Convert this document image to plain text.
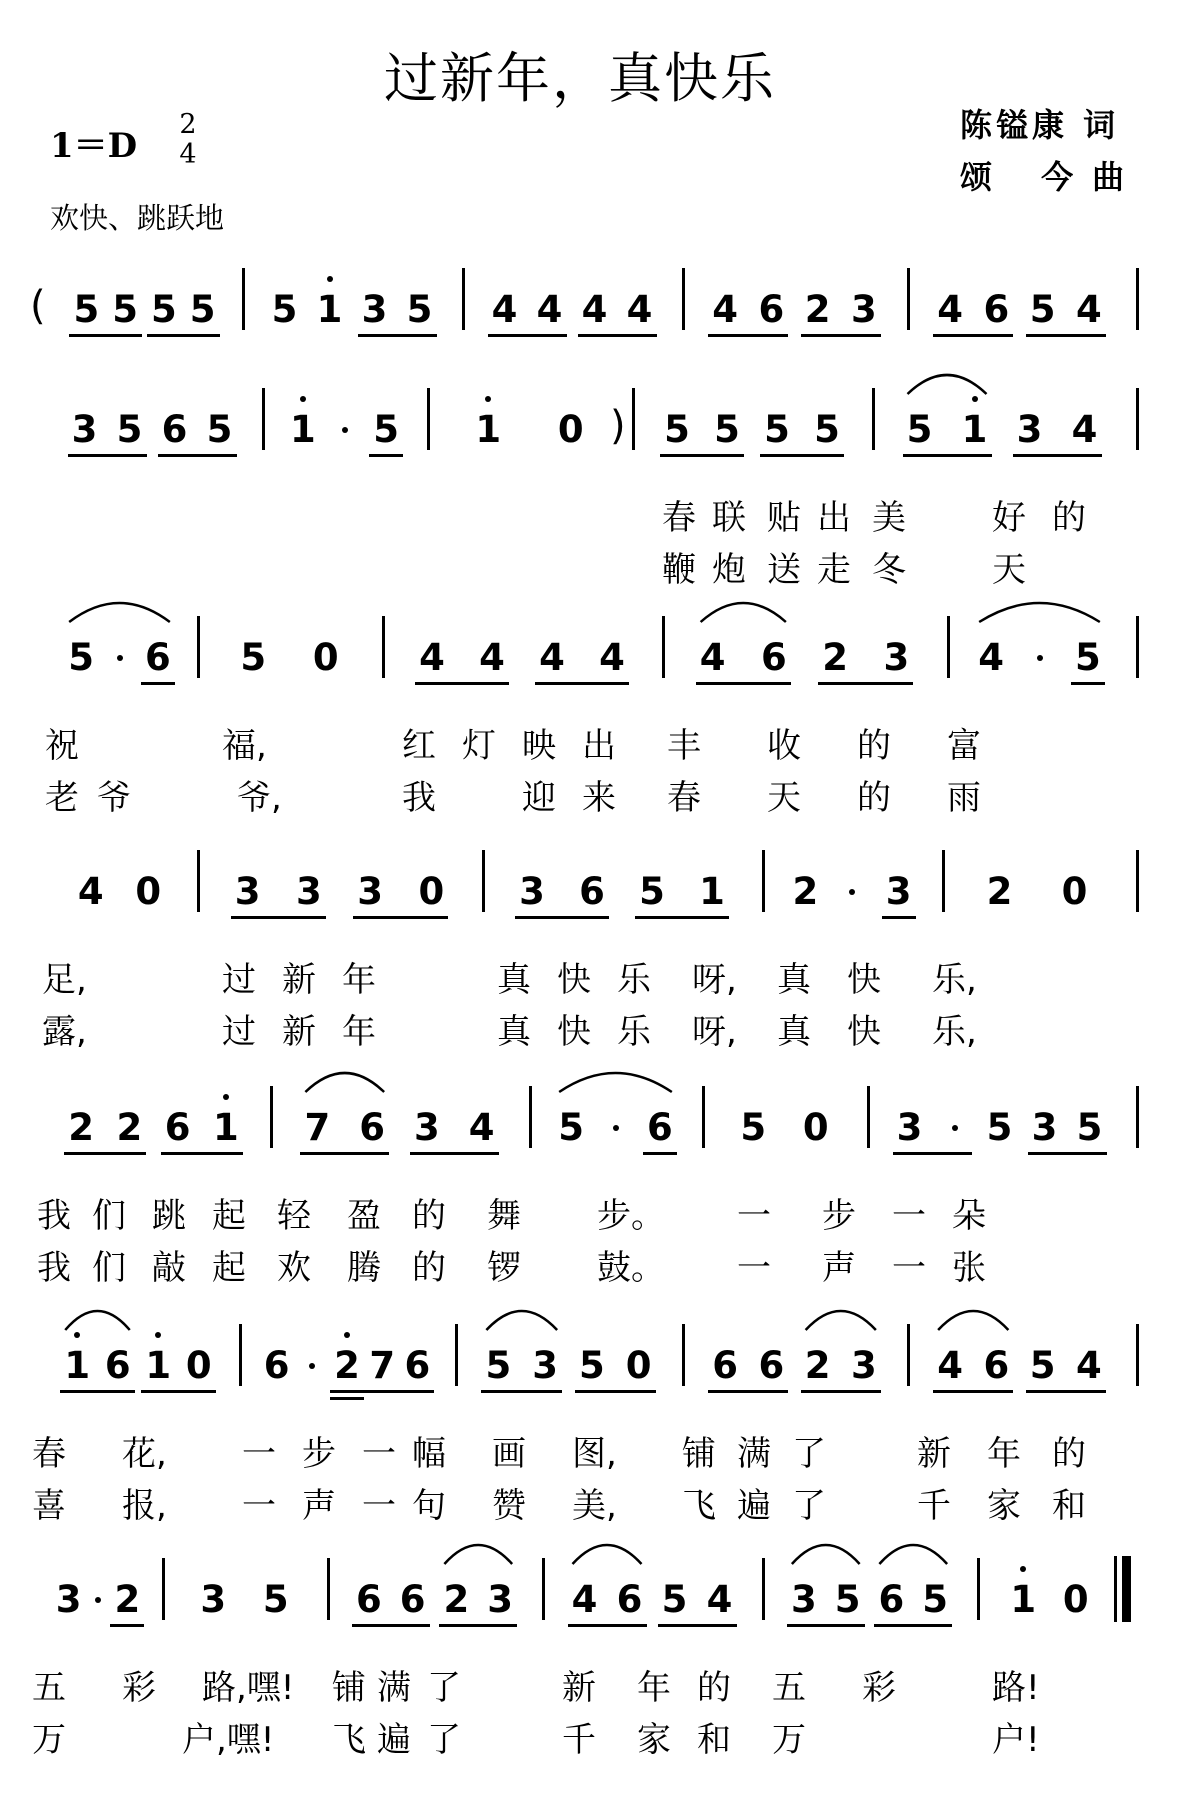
过新年，真快乐
1＝D
2
4
欢快、跳跃地
陈镒康 词
颂 今曲
( 5 5 5 5 5 1 3 5 4 4 4 4 4 6 2 3 4 6 5 4
3 5 6 5 1 5 1 0 5 5 5 5 5 1 3 4
)
春 联 贴 出 美	好 的
鞭 炮 送 走 冬	天
5 6 5 0 4 4 4 4 4 6 2 3 4 5
祝	福,	红 灯 映 出	丰	收	的	富
老 爷	爷,	我	迎 来	春	天	的	雨
4 0 3 3 3 0 3 6 5 1 2 3 2 0
足,	过 新 年	真 快 乐	呀,	真	快	乐,
露,	过 新 年	真 快 乐	呀,	真	快	乐,
2 2 6 1 7 6 3 4 5 6 5 0 3 5 3 5
我 们 跳 起 轻	盈 的	舞	步。 一	步	一 朵
我 们 敲 起 欢	腾 的	锣	鼓。 一	声	一 张
1 6 1 0 6 2 7 6 5 3 5 0 6 6 2 3 4 6 5 4
春	花,	一 步 一 幅	画	图,	铺 满 了	新	年 的
喜	报,	一 声 一 句	赞	美,	飞 遍 了	千	家 和
3 2 3 5 6 6 2 3 4 6 5 4 3 5 6 5 1 0
五	彩	路,嘿!	铺 满 了	新	年 的	五	彩	路!
万	户,嘿!	飞 遍 了	千	家 和	万	户!
